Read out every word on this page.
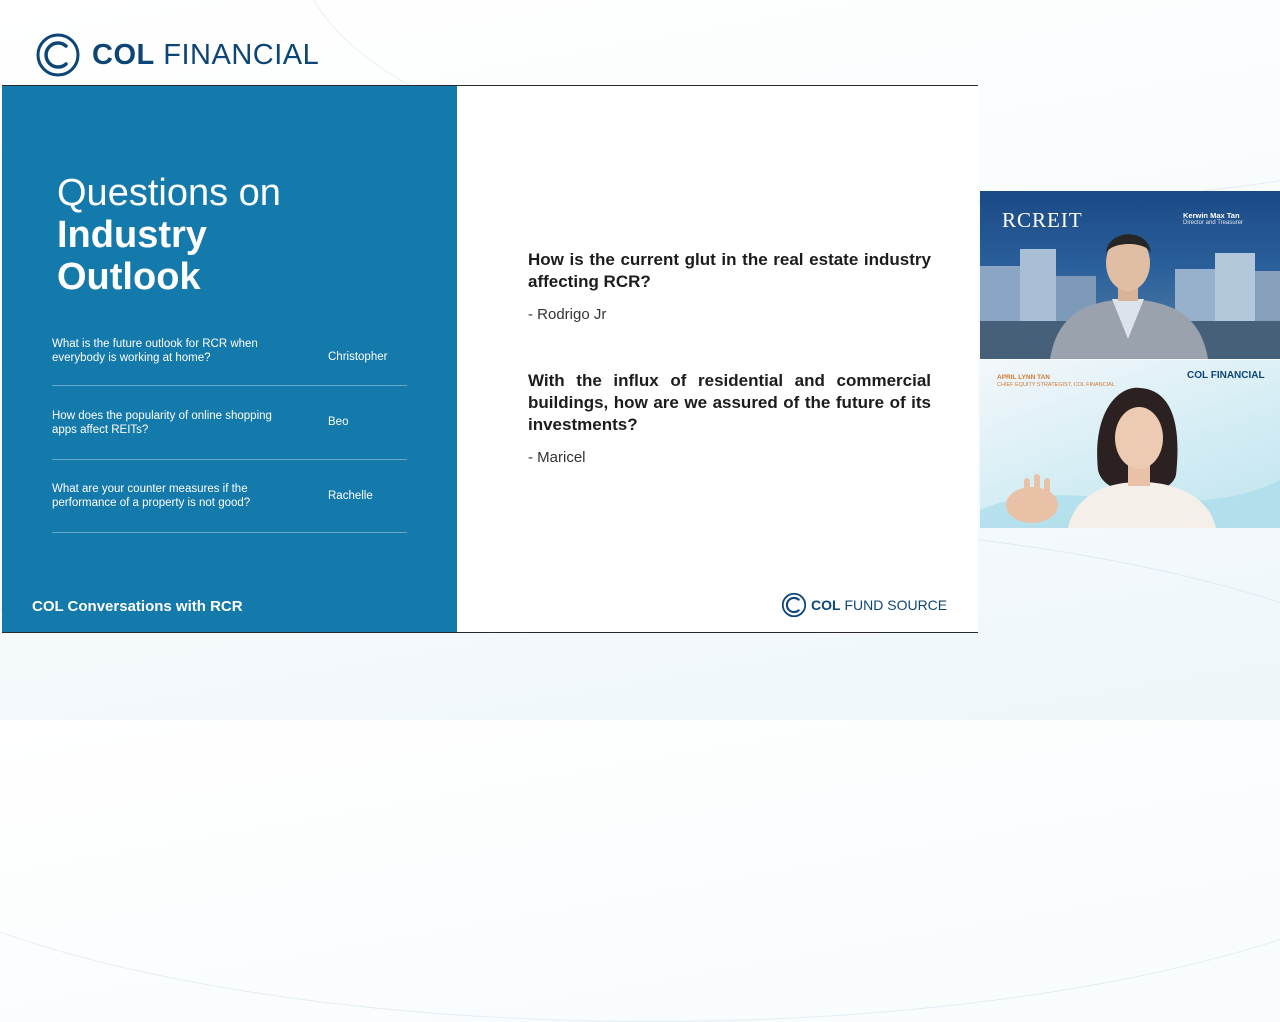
COL FINANCIAL
Questions on
Industry
Outlook
What is the future outlook for RCR when everybody is working at home?	Christopher
How does the popularity of online shopping apps affect REITs?
Beo
What are your counter measures if the performance of a property is not good?
Rachelle
COL Conversations with RCR
How is the current glut in the real estate industry affecting RCR?
- Rodrigo Jr
With the influx of residential and commercial buildings, how are we assured of the future of its investments?
- Maricel
COL FUND SOURCE
RCREIT	Kerwin Max Tan
Director and Treasurer
APRIL LYNN TAN
CHIEF EQUITY STRATEGIST, COL FINANCIAL
COL FINANCIAL
